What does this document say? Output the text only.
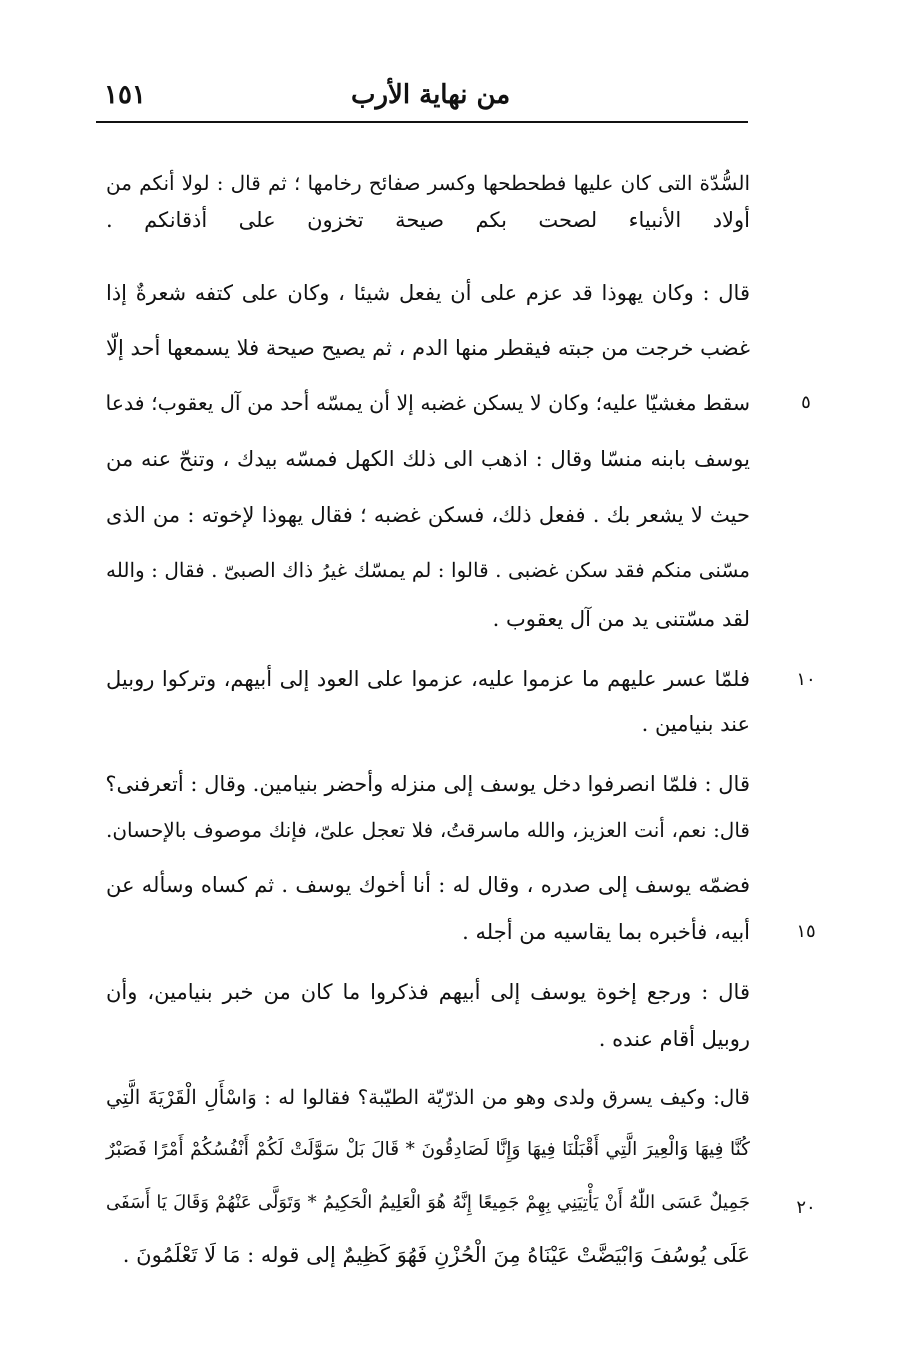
١٥١	من نهاية الأرب
٥
١٠
١٥
٢٠
السُّدّة التى كان عليها فطحطحها وكسر صفائح رخامها ؛ ثم قال : لولا أنكم من
أولاد الأنبياء لصحت بكم صيحة تخزون على أذقانكم .
قال : وكان يهوذا قد عزم على أن يفعل شيئا ، وكان على كتفه شعرةٌ إذا
غضب خرجت من جبته فيقطر منها الدم ، ثم يصيح صيحة فلا يسمعها أحد إلّا
سقط مغشيّا عليه؛ وكان لا يسكن غضبه إلا أن يمسّه أحد من آل يعقوب؛ فدعا
يوسف بابنه منسّا وقال : اذهب الى ذلك الكهل فمسّه بيدك ، وتنحّ عنه من
حيث لا يشعر بك . ففعل ذلك، فسكن غضبه ؛ فقال يهوذا لإخوته : من الذى
مسّنى منكم فقد سكن غضبى . قالوا : لم يمسّك غيرُ ذاك الصبىّ . فقال : والله
لقد مسّتنى يد من آل يعقوب .
فلمّا عسر عليهم ما عزموا عليه، عزموا على العود إلى أبيهم، وتركوا روبيل
عند بنيامين .
قال : فلمّا انصرفوا دخل يوسف إلى منزله وأحضر بنيامين. وقال : أتعرفنى؟
قال: نعم، أنت العزيز، والله ماسرقتُ، فلا تعجل علىّ، فإنك موصوف بالإحسان.
فضمّه يوسف إلى صدره ، وقال له : أنا أخوك يوسف . ثم كساه وسأله عن
أبيه، فأخبره بما يقاسيه من أجله .
قال : ورجع إخوة يوسف إلى أبيهم فذكروا ما كان من خبر بنيامين، وأن
روبيل أقام عنده .
قال: وكيف يسرق ولدى وهو من الذرّيّة الطيّبة؟ فقالوا له : وَاسْأَلِ الْقَرْيَةَ الَّتِي
كُنَّا فِيهَا وَالْعِيرَ الَّتِي أَقْبَلْنَا فِيهَا وَإِنَّا لَصَادِقُونَ * قَالَ بَلْ سَوَّلَتْ لَكُمْ أَنْفُسُكُمْ أَمْرًا فَصَبْرٌ
جَمِيلٌ عَسَى اللّٰهُ أَنْ يَأْتِيَنِي بِهِمْ جَمِيعًا إِنَّهُ هُوَ الْعَلِيمُ الْحَكِيمُ * وَتَوَلَّى عَنْهُمْ وَقَالَ يَا أَسَفَى
عَلَى يُوسُفَ وَابْيَضَّتْ عَيْنَاهُ مِنَ الْحُزْنِ فَهُوَ كَظِيمٌ إلى قوله : مَا لَا تَعْلَمُونَ .
